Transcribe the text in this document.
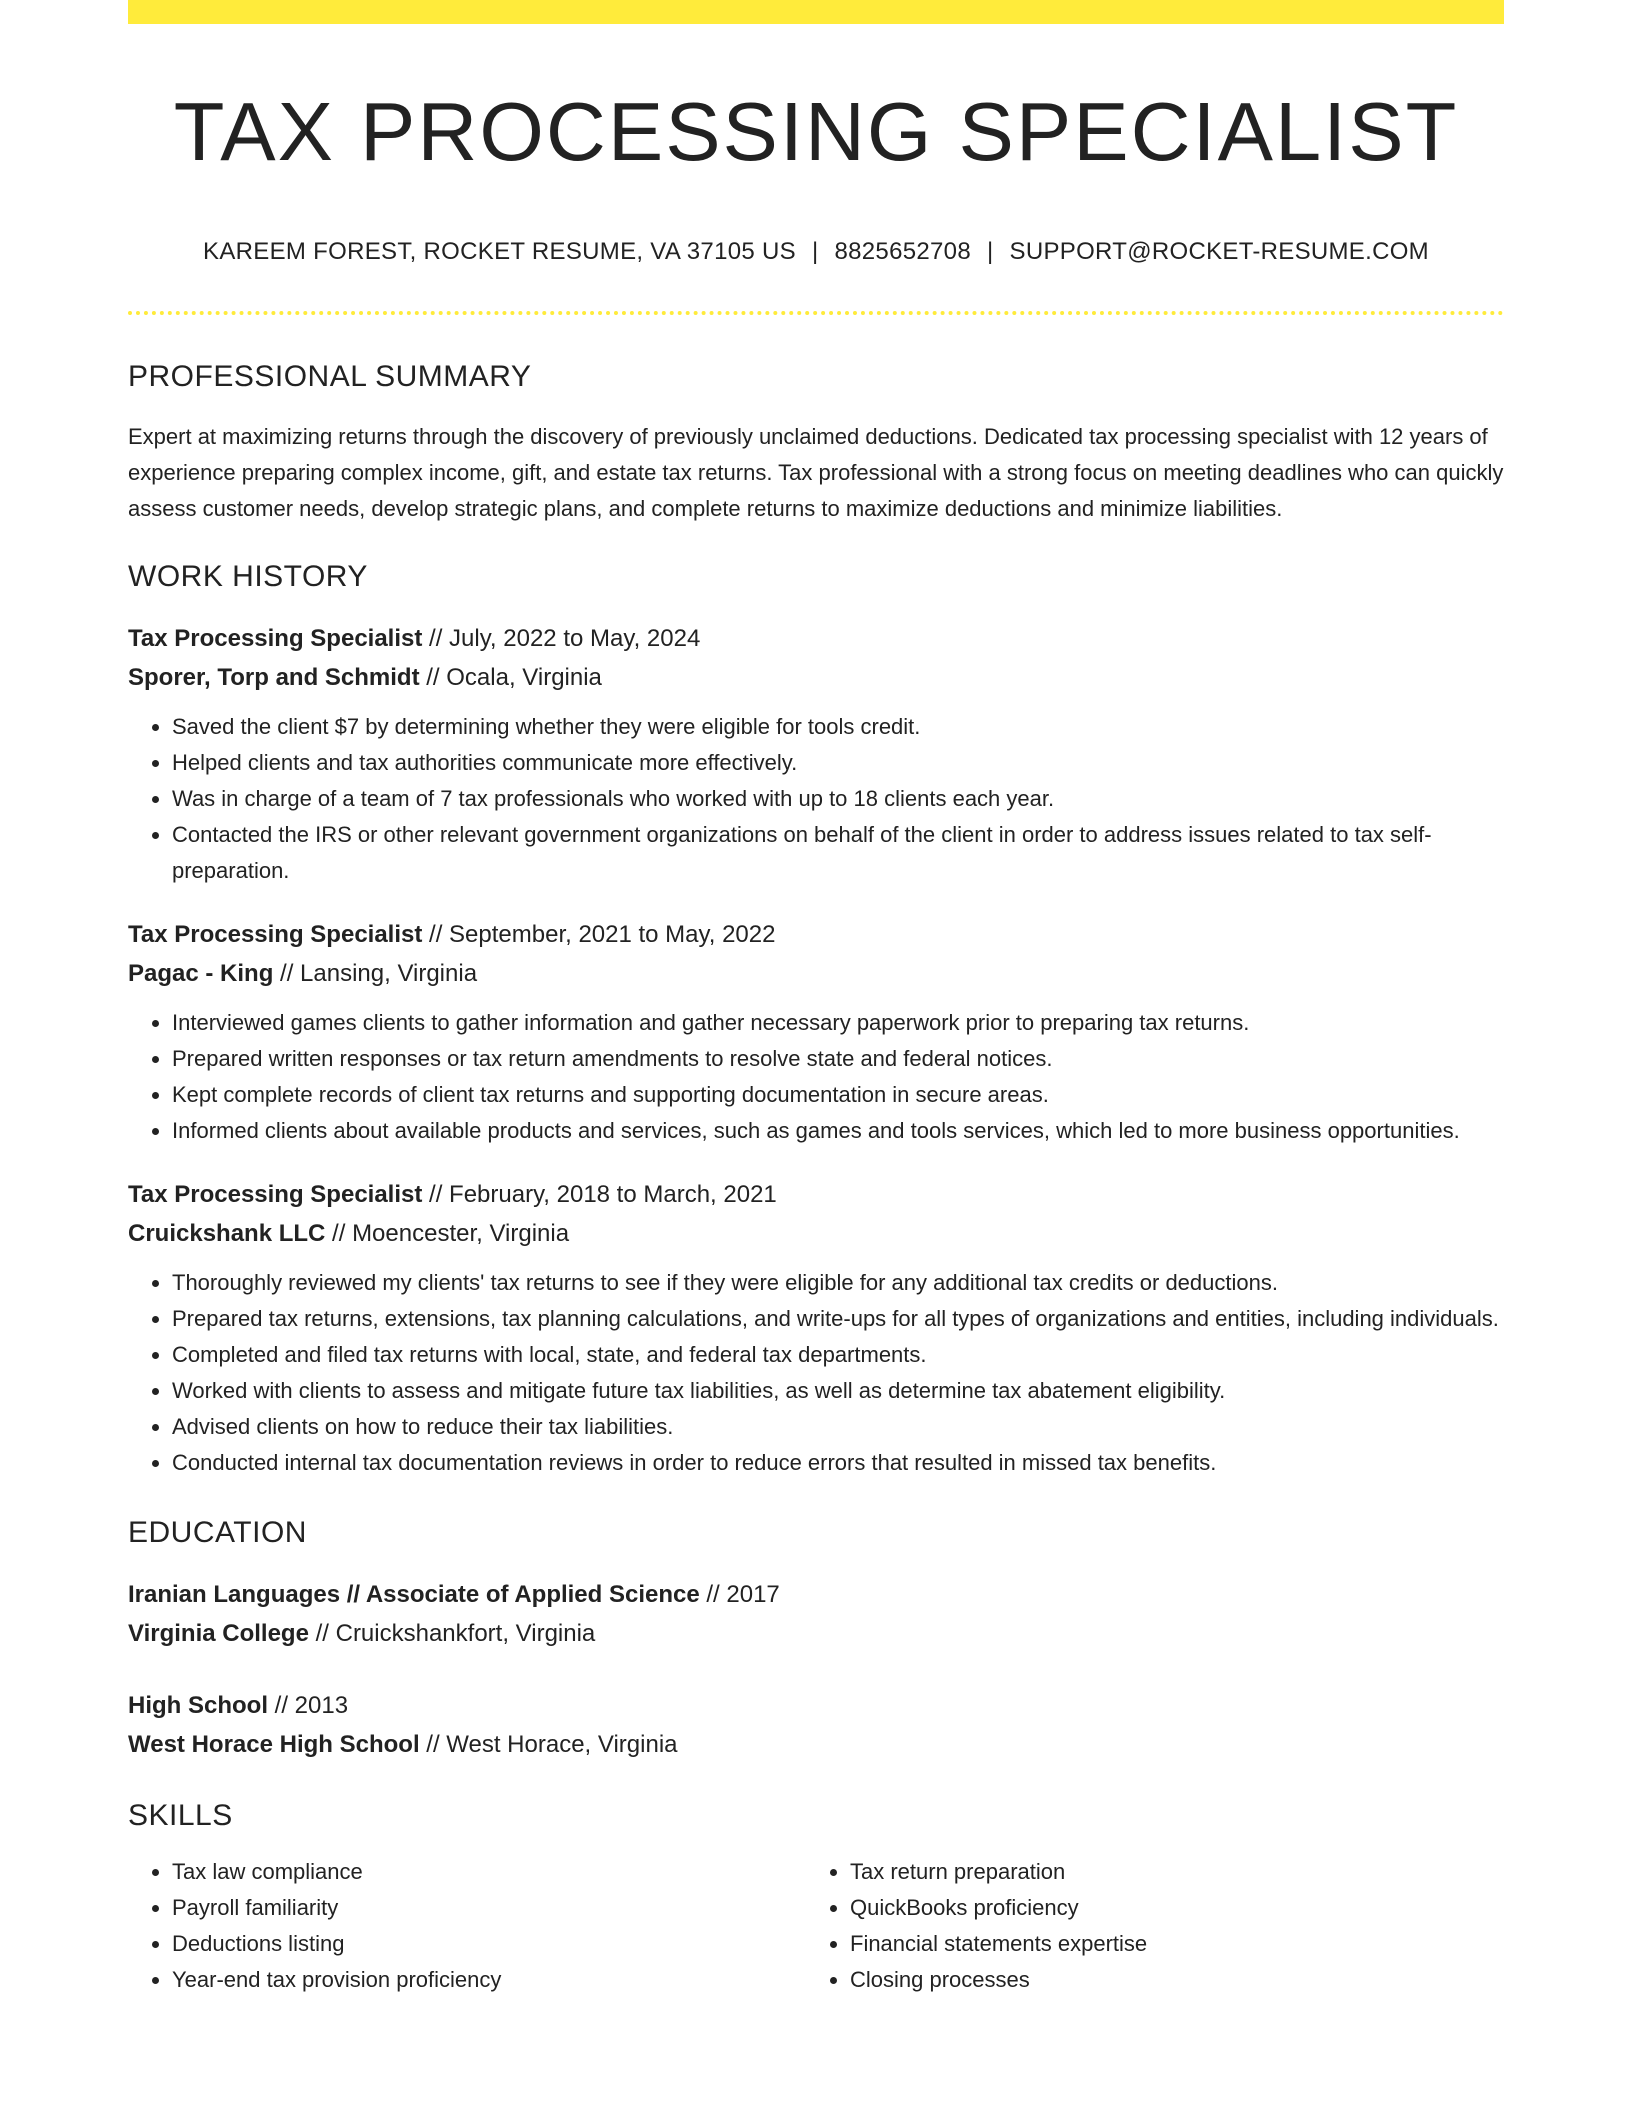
TAX PROCESSING SPECIALIST
KAREEM FOREST, ROCKET RESUME, VA 37105 US | 8825652708 | SUPPORT@ROCKET-RESUME.COM
PROFESSIONAL SUMMARY
Expert at maximizing returns through the discovery of previously unclaimed deductions. Dedicated tax processing specialist with 12 years of experience preparing complex income, gift, and estate tax returns. Tax professional with a strong focus on meeting deadlines who can quickly assess customer needs, develop strategic plans, and complete returns to maximize deductions and minimize liabilities.
WORK HISTORY
Tax Processing Specialist // July, 2022 to May, 2024
Sporer, Torp and Schmidt // Ocala, Virginia
• Saved the client $7 by determining whether they were eligible for tools credit.
• Helped clients and tax authorities communicate more effectively.
• Was in charge of a team of 7 tax professionals who worked with up to 18 clients each year.
• Contacted the IRS or other relevant government organizations on behalf of the client in order to address issues related to tax self-preparation.
Tax Processing Specialist // September, 2021 to May, 2022
Pagac - King // Lansing, Virginia
• Interviewed games clients to gather information and gather necessary paperwork prior to preparing tax returns.
• Prepared written responses or tax return amendments to resolve state and federal notices.
• Kept complete records of client tax returns and supporting documentation in secure areas.
• Informed clients about available products and services, such as games and tools services, which led to more business opportunities.
Tax Processing Specialist // February, 2018 to March, 2021
Cruickshank LLC // Moencester, Virginia
• Thoroughly reviewed my clients' tax returns to see if they were eligible for any additional tax credits or deductions.
• Prepared tax returns, extensions, tax planning calculations, and write-ups for all types of organizations and entities, including individuals.
• Completed and filed tax returns with local, state, and federal tax departments.
• Worked with clients to assess and mitigate future tax liabilities, as well as determine tax abatement eligibility.
• Advised clients on how to reduce their tax liabilities.
• Conducted internal tax documentation reviews in order to reduce errors that resulted in missed tax benefits.
EDUCATION
Iranian Languages // Associate of Applied Science // 2017
Virginia College // Cruickshankfort, Virginia
High School // 2013
West Horace High School // West Horace, Virginia
SKILLS
• Tax law compliance
• Payroll familiarity
• Deductions listing
• Year-end tax provision proficiency
• Tax return preparation
• QuickBooks proficiency
• Financial statements expertise
• Closing processes
